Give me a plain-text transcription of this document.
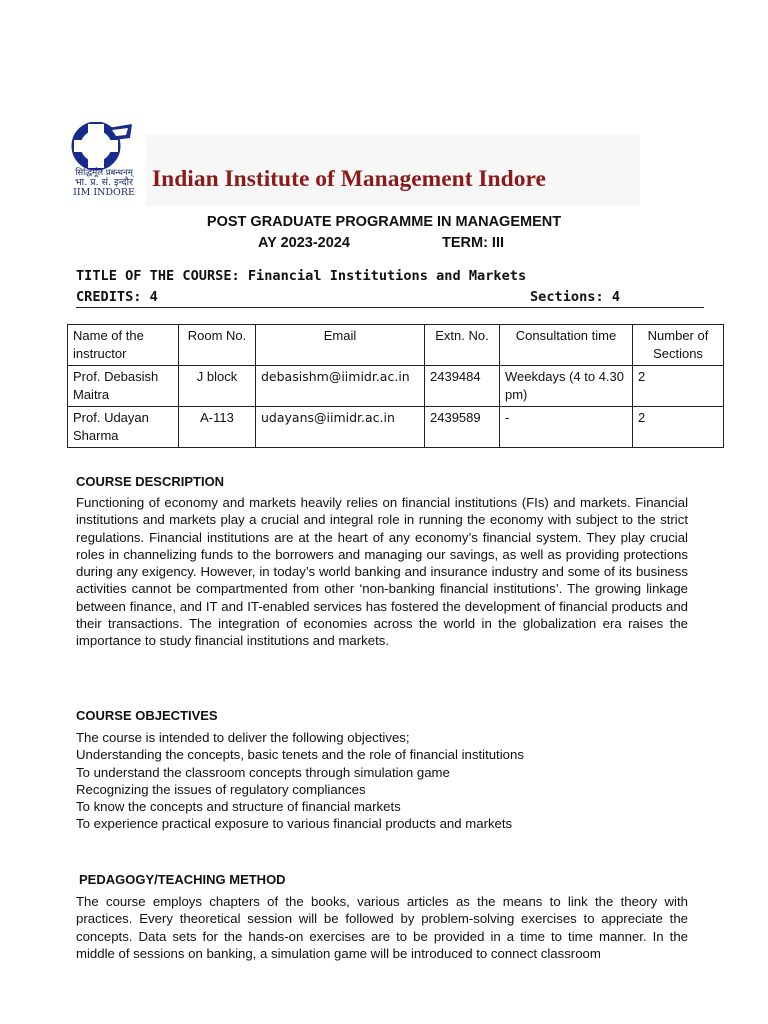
सिद्धिर्मूलं प्रबन्धनम्
भा. प्र. सं. इन्दौर
IIM INDORE
Indian Institute of Management Indore
POST GRADUATE PROGRAMME IN MANAGEMENT
AY 2023-2024	TERM: III
TITLE OF THE COURSE: Financial Institutions and Markets
CREDITS: 4	Sections: 4
Name of the instructor	Room No.	Email	Extn. No.	Consultation time	Number of Sections
Prof. Debasish Maitra	J block	debasishm@iimidr.ac.in	2439484	Weekdays (4 to 4.30 pm)	2
Prof. Udayan Sharma	A-113	udayans@iimidr.ac.in	2439589	-	2
COURSE DESCRIPTION
Functioning of economy and markets heavily relies on financial institutions (FIs) and markets. Financial institutions and markets play a crucial and integral role in running the economy with subject to the strict regulations. Financial institutions are at the heart of any economy’s financial system. They play crucial roles in channelizing funds to the borrowers and managing our savings, as well as providing protections during any exigency. However, in today’s world banking and insurance industry and some of its business activities cannot be compartmented from other ‘non-banking financial institutions’. The growing linkage between finance, and IT and IT-enabled services has fostered the development of financial products and their transactions. The integration of economies across the world in the globalization era raises the importance to study financial institutions and markets.
COURSE OBJECTIVES
The course is intended to deliver the following objectives;
Understanding the concepts, basic tenets and the role of financial institutions
To understand the classroom concepts through simulation game
Recognizing the issues of regulatory compliances
To know the concepts and structure of financial markets
To experience practical exposure to various financial products and markets
PEDAGOGY/TEACHING METHOD
The course employs chapters of the books, various articles as the means to link the theory with practices. Every theoretical session will be followed by problem-solving exercises to appreciate the concepts. Data sets for the hands-on exercises are to be provided in a time to time manner. In the middle of sessions on banking, a simulation game will be introduced to connect classroom
